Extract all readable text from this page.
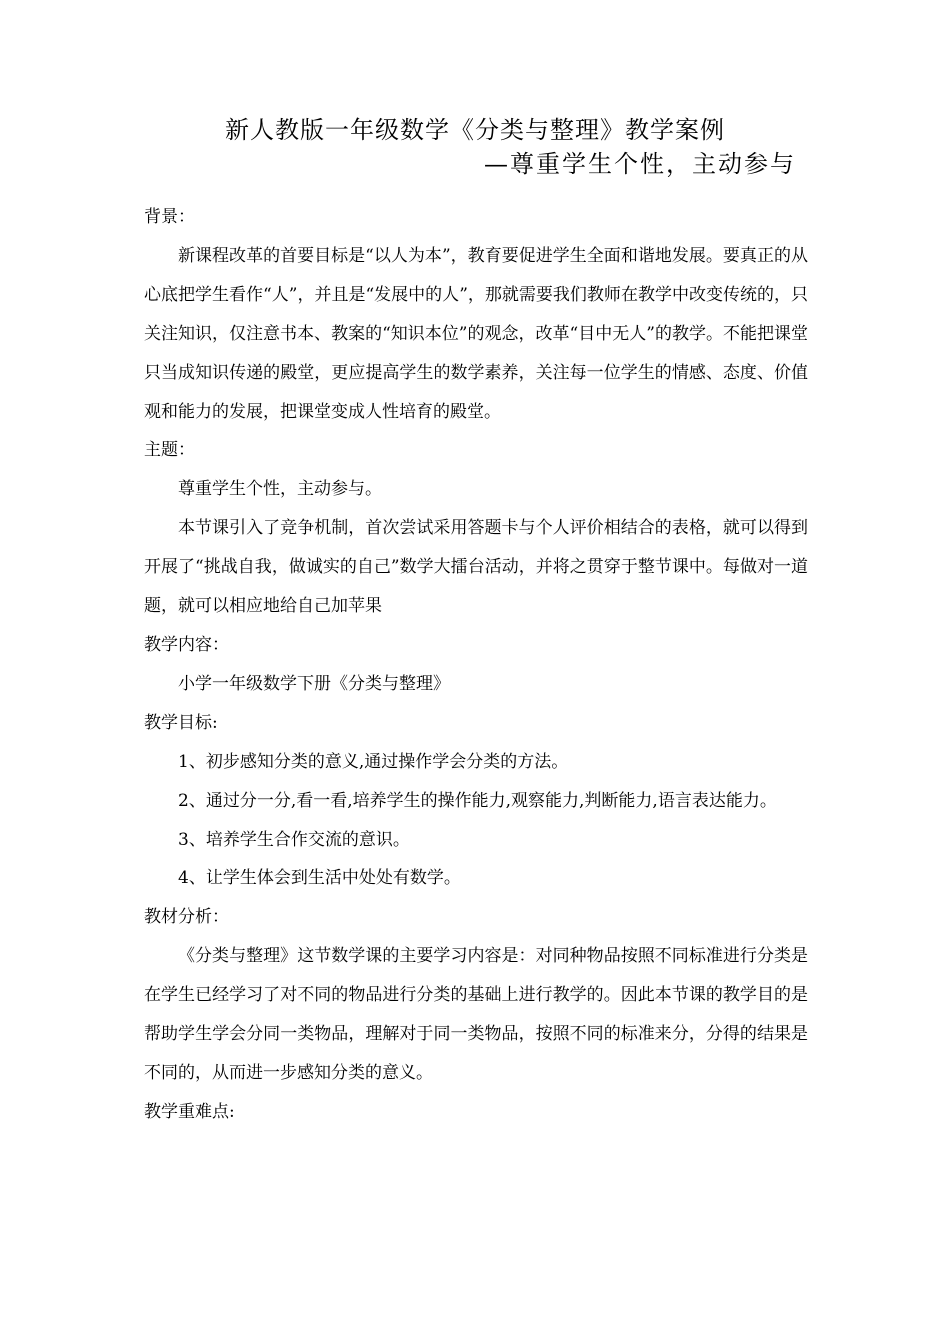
新人教版一年级数学《分类与整理》教学案例
—尊重学生个性，主动参与

背景：

新课程改革的首要目标是“以人为本”，教育要促进学生全面和谐地发展。要真正的从心底把学生看作“人”，并且是“发展中的人”，那就需要我们教师在教学中改变传统的，只关注知识，仅注意书本、教案的“知识本位”的观念，改革“目中无人”的教学。不能把课堂只当成知识传递的殿堂，更应提高学生的数学素养，关注每一位学生的情感、态度、价值观和能力的发展，把课堂变成人性培育的殿堂。

主题：

尊重学生个性，主动参与。

本节课引入了竞争机制，首次尝试采用答题卡与个人评价相结合的表格，就可以得到开展了“挑战自我，做诚实的自己”数学大擂台活动，并将之贯穿于整节课中。每做对一道题，就可以相应地给自己加苹果

教学内容：

小学一年级数学下册《分类与整理》

教学目标:

1、初步感知分类的意义,通过操作学会分类的方法。

2、通过分一分,看一看,培养学生的操作能力,观察能力,判断能力,语言表达能力。

3、培养学生合作交流的意识。

4、让学生体会到生活中处处有数学。

教材分析：

《分类与整理》这节数学课的主要学习内容是：对同种物品按照不同标准进行分类是在学生已经学习了对不同的物品进行分类的基础上进行教学的。因此本节课的教学目的是帮助学生学会分同一类物品，理解对于同一类物品，按照不同的标准来分，分得的结果是不同的，从而进一步感知分类的意义。

教学重难点:
